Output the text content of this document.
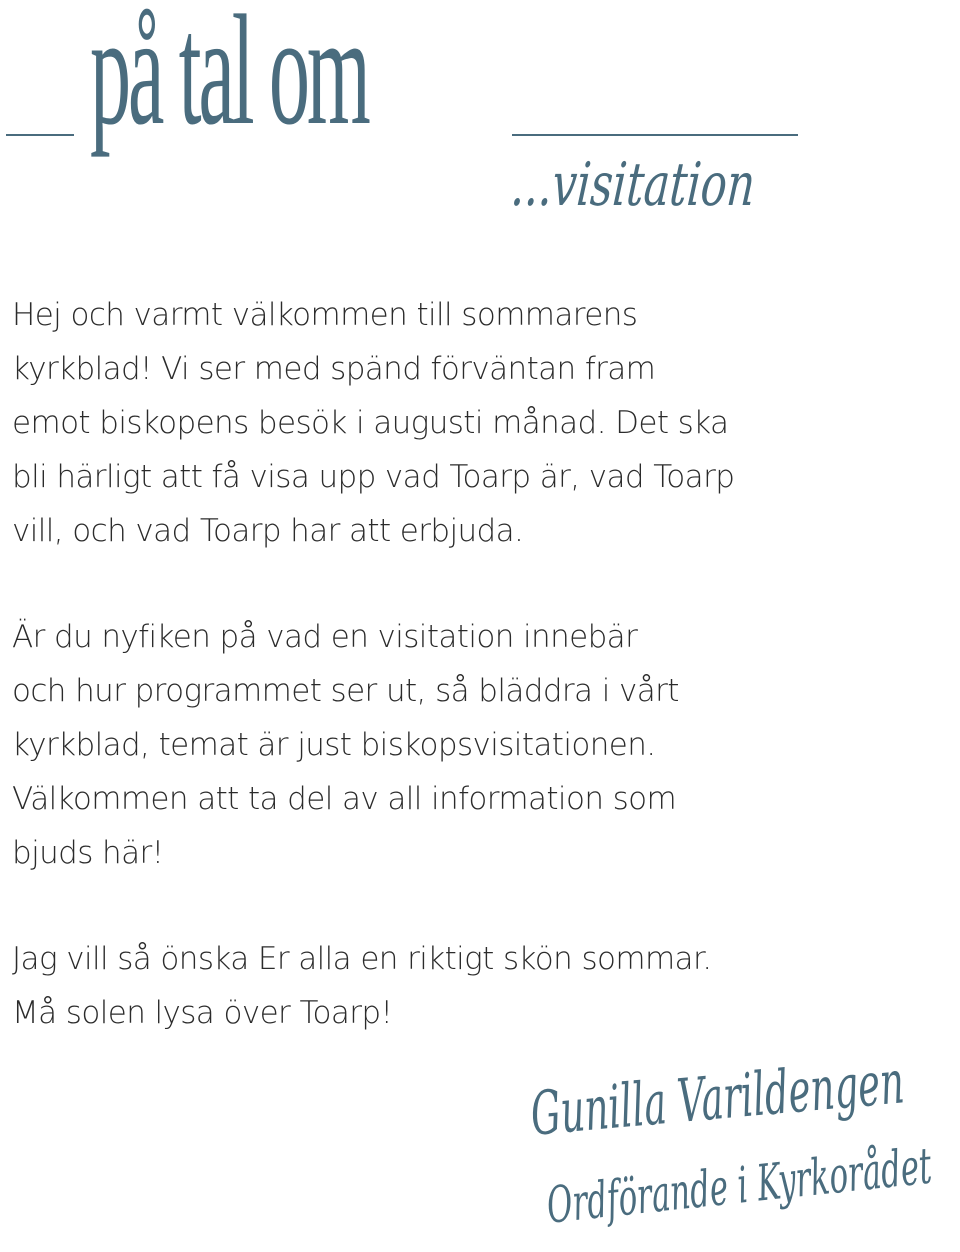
på tal om
...visitation

Hej och varmt välkommen till sommarens
kyrkblad! Vi ser med spänd förväntan fram
emot biskopens besök i augusti månad. Det ska
bli härligt att få visa upp vad Toarp är, vad Toarp
vill, och vad Toarp har att erbjuda.

Är du nyfiken på vad en visitation innebär
och hur programmet ser ut, så bläddra i vårt
kyrkblad, temat är just biskopsvisitationen.
Välkommen att ta del av all information som
bjuds här!

Jag vill så önska Er alla en riktigt skön sommar.
Må solen lysa över Toarp!

Gunilla Varildengen
Ordförande i Kyrkorådet
